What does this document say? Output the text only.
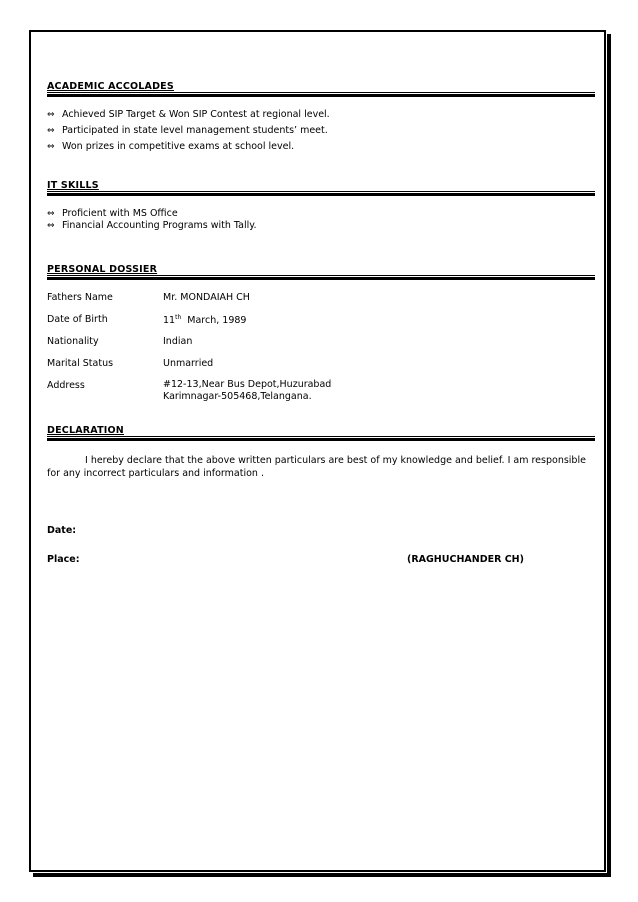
ACADEMIC ACCOLADES
⇔ Achieved SIP Target & Won SIP Contest at regional level.
⇔ Participated in state level management students’ meet.
⇔ Won prizes in competitive exams at school level.
IT SKILLS
⇔ Proficient with MS Office
⇔ Financial Accounting Programs with Tally.
PERSONAL DOSSIER
Fathers Name	Mr. MONDAIAH CH
Date of Birth	11th  March, 1989
Nationality	Indian
Marital Status	Unmarried
Address	#12-13,Near Bus Depot,Huzurabad
Karimnagar-505468,Telangana.
DECLARATION
I hereby declare that the above written particulars are best of my knowledge and belief. I am responsible for any incorrect particulars and information .
Date:
Place:	(RAGHUCHANDER CH)
